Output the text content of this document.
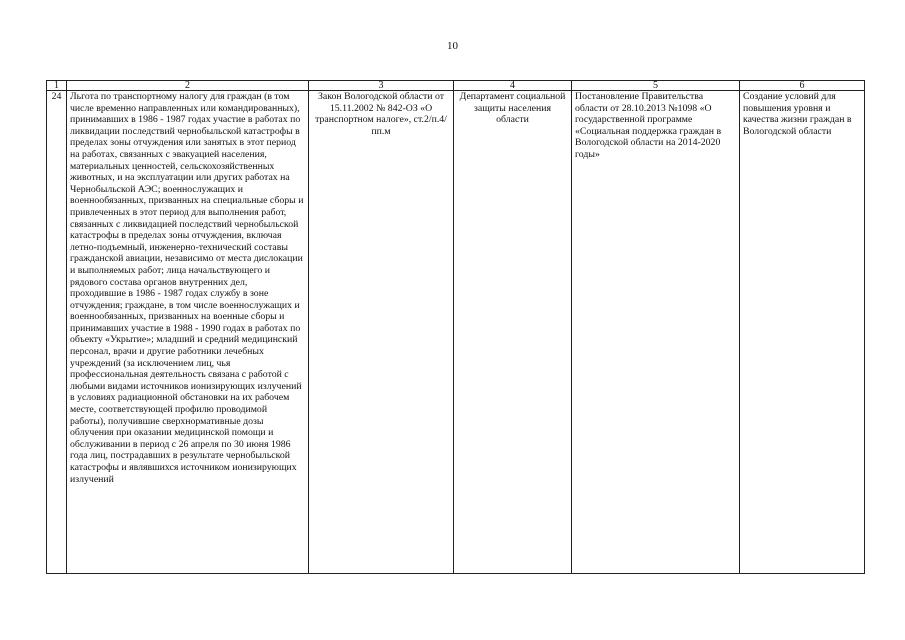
10
1	2	3	4	5	6
24	Льгота по транспортному налогу для граждан (в том числе временно направленных или командированных), принимавших в 1986 - 1987 годах участие в работах по ликвидации последствий чернобыльской катастрофы в пределах зоны отчуждения или занятых в этот период на работах, связанных с эвакуацией населения, материальных ценностей, сельскохозяйственных животных, и на эксплуатации или других работах на Чернобыльской АЭС; военнослужащих и военнообязанных, призванных на специальные сборы и привлеченных в этот период для выполнения работ, связанных с ликвидацией последствий чернобыльской катастрофы в пределах зоны отчуждения, включая летно-подъемный, инженерно-технический составы гражданской авиации, независимо от места дислокации и выполняемых работ; лица начальствующего и рядового состава органов внутренних дел, проходившие в 1986 - 1987 годах службу в зоне отчуждения; граждане, в том числе военнослужащих и военнообязанных, призванных на военные сборы и принимавших участие в 1988 - 1990 годах в работах по объекту «Укрытие»; младший и средний медицинский персонал, врачи и другие работники лечебных учреждений (за исключением лиц, чья профессиональная деятельность связана с работой с любыми видами источников ионизирующих излучений в условиях радиационной обстановки на их рабочем месте, соответствующей профилю проводимой работы), получившие сверхнормативные дозы облучения при оказании медицинской помощи и обслуживании в период с 26 апреля по 30 июня 1986 года лиц, пострадавших в результате чернобыльской катастрофы и являвшихся источником ионизирующих излучений	Закон Вологодской области от 15.11.2002 № 842-ОЗ «О транспортном налоге», ст.2/п.4/пп.м	Департамент социальной защиты населения области	Постановление Правительства области от 28.10.2013 №1098 «О государственной программе «Социальная поддержка граждан в Вологодской области на 2014-2020 годы»	Создание условий для повышения уровня и качества жизни граждан в Вологодской области
